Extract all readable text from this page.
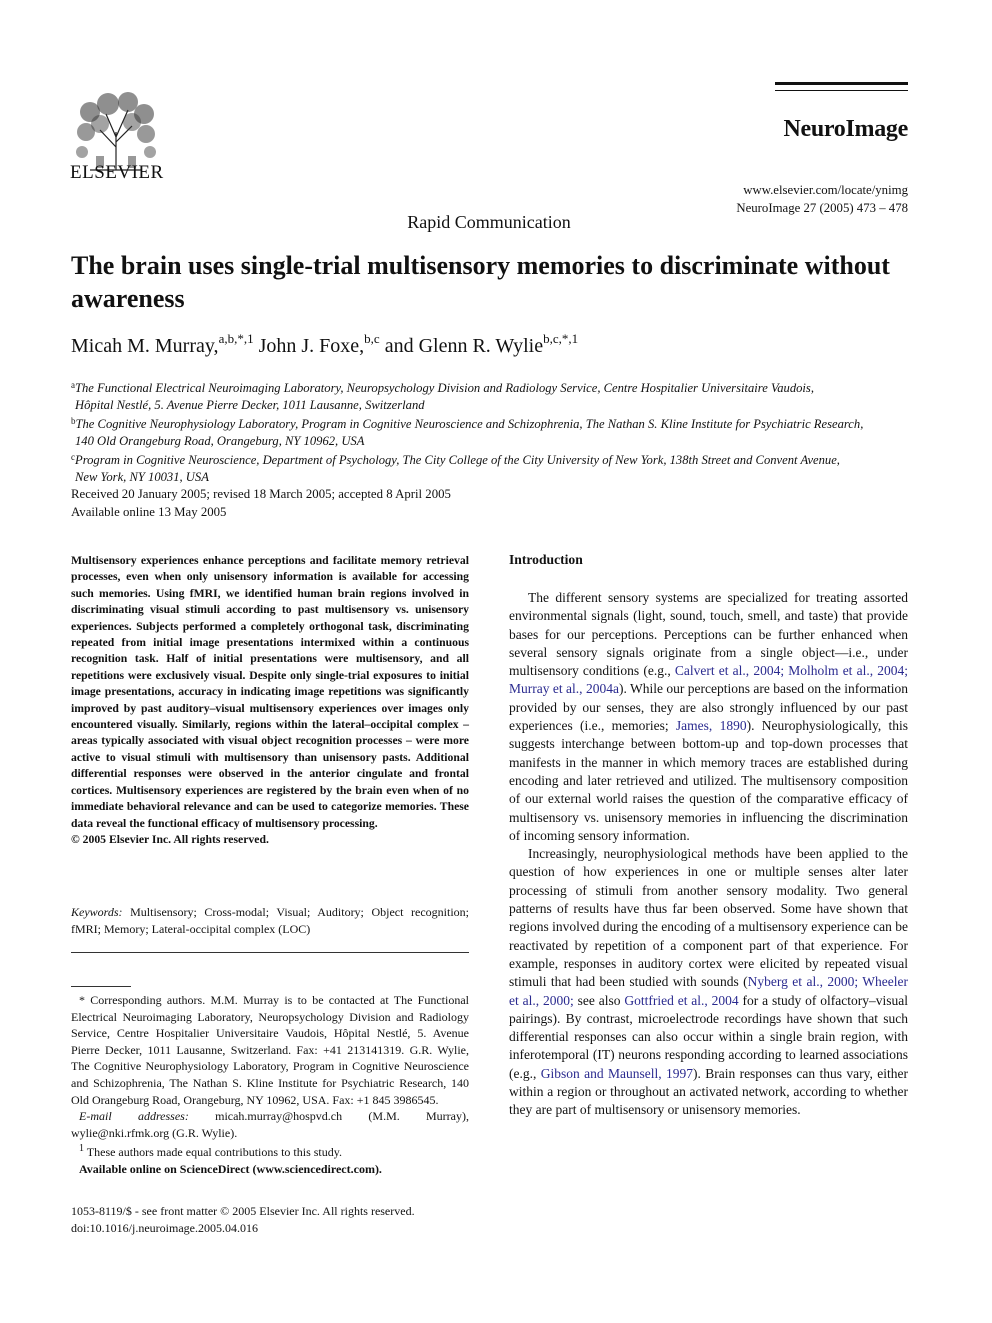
ELSEVIER
NeuroImage
www.elsevier.com/locate/ynimg
NeuroImage 27 (2005) 473 – 478
Rapid Communication
The brain uses single-trial multisensory memories to discriminate without awareness
Micah M. Murray,$^{a,b,*,1}$ John J. Foxe,$^{b,c}$ and Glenn R. Wylie$^{b,c,*,1}$

$^a$The Functional Electrical Neuroimaging Laboratory, Neuropsychology Division and Radiology Service, Centre Hospitalier Universitaire Vaudois,
Hôpital Nestlé, 5. Avenue Pierre Decker, 1011 Lausanne, Switzerland

$^b$The Cognitive Neurophysiology Laboratory, Program in Cognitive Neuroscience and Schizophrenia, The Nathan S. Kline Institute for Psychiatric Research,
140 Old Orangeburg Road, Orangeburg, NY 10962, USA

$^c$Program in Cognitive Neuroscience, Department of Psychology, The City College of the City University of New York, 138th Street and Convent Avenue,
New York, NY 10031, USA

Received 20 January 2005; revised 18 March 2005; accepted 8 April 2005
Available online 13 May 2005
Multisensory experiences enhance perceptions and facilitate memory retrieval processes, even when only unisensory information is available for accessing such memories. Using fMRI, we identified human brain regions involved in discriminating visual stimuli according to past multisensory vs. unisensory experiences. Subjects performed a completely orthogonal task, discriminating repeated from initial image presentations intermixed within a continuous recognition task. Half of initial presentations were multisensory, and all repetitions were exclusively visual. Despite only single-trial exposures to initial image presentations, accuracy in indicating image repetitions was significantly improved by past auditory–visual multisensory experiences over images only encountered visually. Similarly, regions within the lateral–occipital complex – areas typically associated with visual object recognition processes – were more active to visual stimuli with multisensory than unisensory pasts. Additional differential responses were observed in the anterior cingulate and frontal cortices. Multisensory experiences are registered by the brain even when of no immediate behavioral relevance and can be used to categorize memories. These data reveal the functional efficacy of multisensory processing.
© 2005 Elsevier Inc. All rights reserved.
Keywords: Multisensory; Cross-modal; Visual; Auditory; Object recognition; fMRI; Memory; Lateral-occipital complex (LOC)

* Corresponding authors. M.M. Murray is to be contacted at The Functional Electrical Neuroimaging Laboratory, Neuropsychology Division and Radiology Service, Centre Hospitalier Universitaire Vaudois, Hôpital Nestlé, 5. Avenue Pierre Decker, 1011 Lausanne, Switzerland. Fax: +41 213141319. G.R. Wylie, The Cognitive Neurophysiology Laboratory, Program in Cognitive Neuroscience and Schizophrenia, The Nathan S. Kline Institute for Psychiatric Research, 140 Old Orangeburg Road, Orangeburg, NY 10962, USA. Fax: +1 845 3986545.

E-mail addresses: micah.murray@hospvd.ch (M.M. Murray), wylie@nki.rfmk.org (G.R. Wylie).

$^1$ These authors made equal contributions to this study.

Available online on ScienceDirect (www.sciencedirect.com).

1053-8119/$ - see front matter © 2005 Elsevier Inc. All rights reserved.
doi:10.1016/j.neuroimage.2005.04.016
Introduction

The different sensory systems are specialized for treating assorted environmental signals (light, sound, touch, smell, and taste) that provide bases for our perceptions. Perceptions can be further enhanced when several sensory signals originate from a single object—i.e., under multisensory conditions (e.g., Calvert et al., 2004; Molholm et al., 2004; Murray et al., 2004a). While our perceptions are based on the information provided by our senses, they are also strongly influenced by our past experiences (i.e., memories; James, 1890). Neurophysiologically, this suggests interchange between bottom-up and top-down processes that manifests in the manner in which memory traces are established during encoding and later retrieved and utilized. The multisensory composition of our external world raises the question of the comparative efficacy of multisensory vs. unisensory memories in influencing the discrimination of incoming sensory information.

Increasingly, neurophysiological methods have been applied to the question of how experiences in one or multiple senses alter later processing of stimuli from another sensory modality. Two general patterns of results have thus far been observed. Some have shown that regions involved during the encoding of a multisensory experience can be reactivated by repetition of a component part of that experience. For example, responses in auditory cortex were elicited by repeated visual stimuli that had been studied with sounds (Nyberg et al., 2000; Wheeler et al., 2000; see also Gottfried et al., 2004 for a study of olfactory–visual pairings). By contrast, microelectrode recordings have shown that such differential responses can also occur within a single brain region, with inferotemporal (IT) neurons responding according to learned associations (e.g., Gibson and Maunsell, 1997). Brain responses can thus vary, either within a region or throughout an activated network, according to whether they are part of multisensory or unisensory memories.
